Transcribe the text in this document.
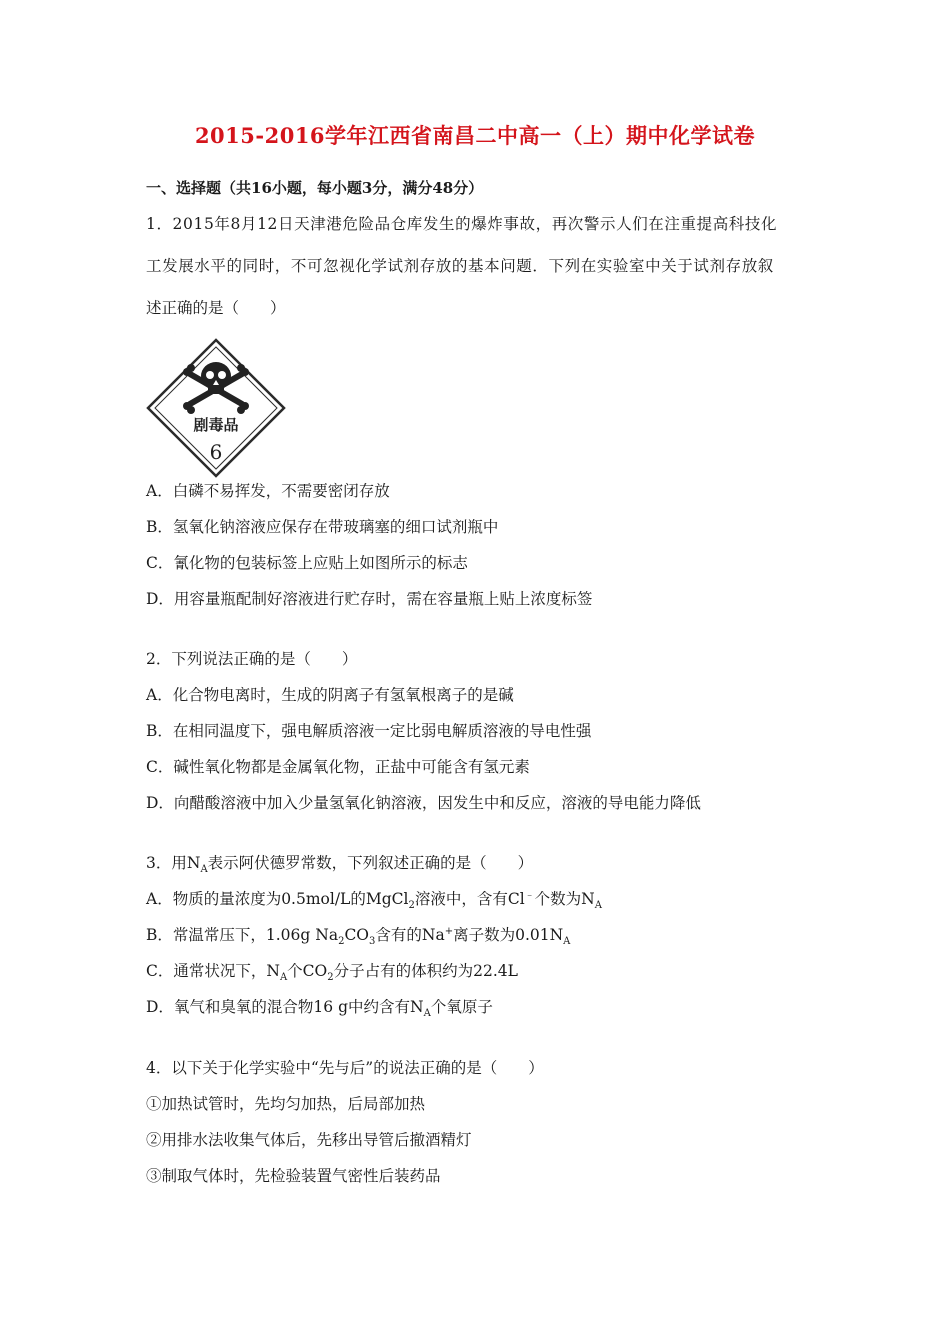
2015-2016学年江西省南昌二中高一（上）期中化学试卷
一、选择题（共16小题，每小题3分，满分48分）
1．2015年8月12日天津港危险品仓库发生的爆炸事故，再次警示人们在注重提高科技化
工发展水平的同时，不可忽视化学试剂存放的基本问题．下列在实验室中关于试剂存放叙
述正确的是（　　）
剧毒品
6
A．白磷不易挥发，不需要密闭存放
B．氢氧化钠溶液应保存在带玻璃塞的细口试剂瓶中
C．氰化物的包装标签上应贴上如图所示的标志
D．用容量瓶配制好溶液进行贮存时，需在容量瓶上贴上浓度标签
2．下列说法正确的是（　　）
A．化合物电离时，生成的阴离子有氢氧根离子的是碱
B．在相同温度下，强电解质溶液一定比弱电解质溶液的导电性强
C．碱性氧化物都是金属氧化物，正盐中可能含有氢元素
D．向醋酸溶液中加入少量氢氧化钠溶液，因发生中和反应，溶液的导电能力降低
3．用$N_A$表示阿伏德罗常数，下列叙述正确的是（　　）
A．物质的量浓度为0.5mol/L的MgCl$_2$溶液中，含有Cl﹣个数为$N_A$
B．常温常压下，1.06g $Na_2CO_3$含有的Na+离子数为$0.01N_A$
C．通常状况下，$N_A$个$CO_2$分子占有的体积约为22.4L
D．氧气和臭氧的混合物16 g中约含有$N_A$个氧原子
4．以下关于化学实验中“先与后”的说法正确的是（　　）
①加热试管时，先均匀加热，后局部加热
②用排水法收集气体后，先移出导管后撤酒精灯
③制取气体时，先检验装置气密性后装药品
